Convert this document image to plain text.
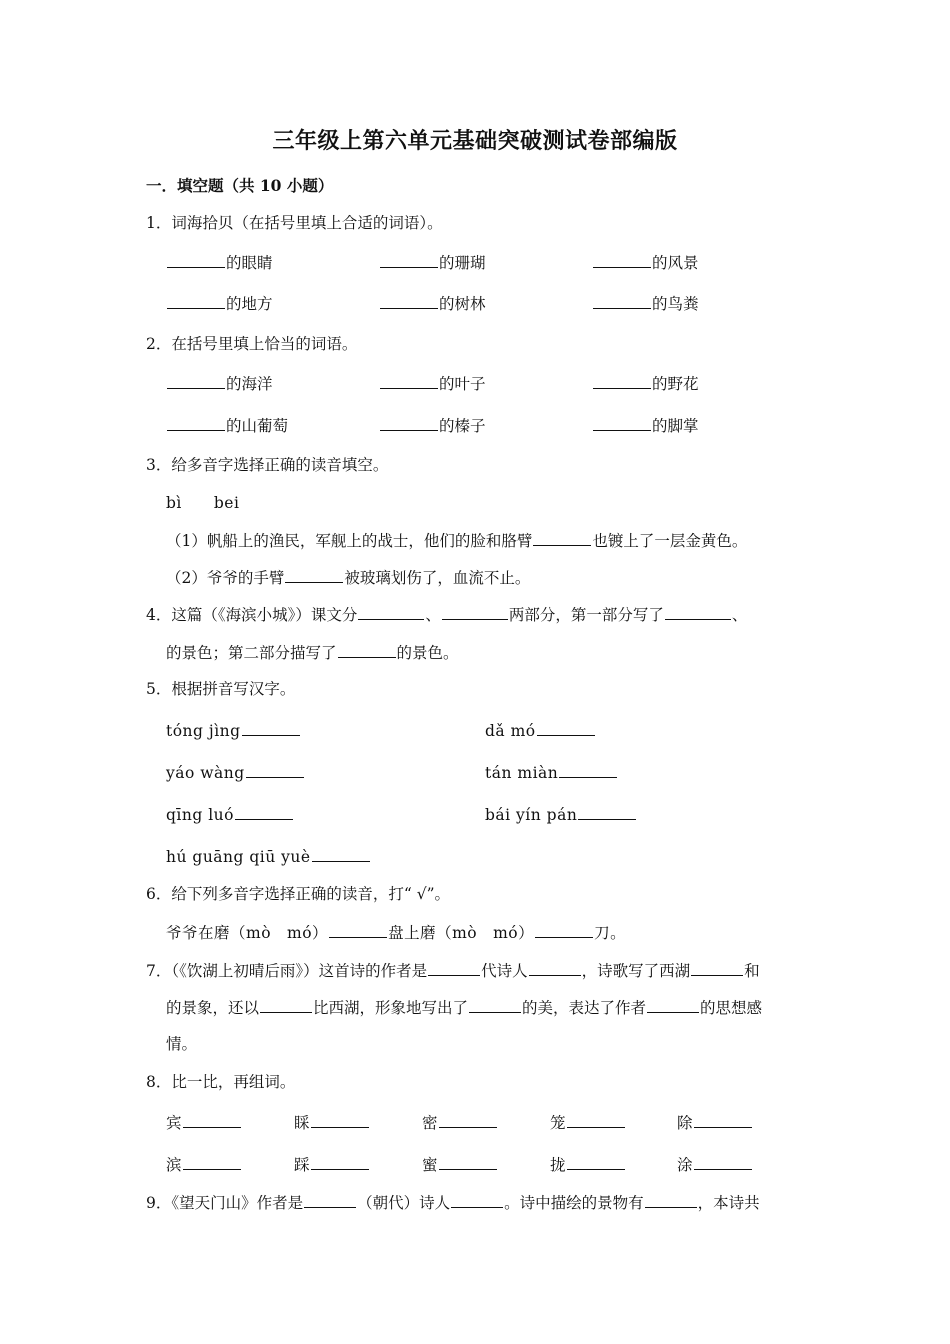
三年级上第六单元基础突破测试卷部编版
一．填空题（共 10 小题）
1．词海拾贝（在括号里填上合适的词语）。
的眼睛	的珊瑚	的风景
的地方	的树林	的鸟粪
2．在括号里填上恰当的词语。
的海洋	的叶子	的野花
的山葡萄	的榛子	的脚掌
3．给多音字选择正确的读音填空。
bì　　bei
（1）帆船上的渔民，军舰上的战士，他们的脸和胳臂	也镀上了一层金黄色。
（2）爷爷的手臂	被玻璃划伤了，血流不止。
4．这篇（《海滨小城》）课文分	、	两部分，第一部分写了	、
的景色；第二部分描写了	的景色。
5．根据拼音写汉字。
tóng jìng	dǎ mó
yáo wàng	tán miàn
qīng luó	bái yín pán
hú guāng qiū yuè
6．给下列多音字选择正确的读音，打“ √”。
爷爷在磨（mò　mó）	盘上磨（mò　mó）	刀。
7．（《饮湖上初晴后雨》）这首诗的作者是	代诗人	，诗歌写了西湖	和
的景象，还以	比西湖，形象地写出了	的美，表达了作者	的思想感
情。
8．比一比，再组词。
宾	睬	密	笼	除
滨	踩	蜜	拢	涂
9．《望天门山》作者是	（朝代）诗人	。诗中描绘的景物有	，本诗共
